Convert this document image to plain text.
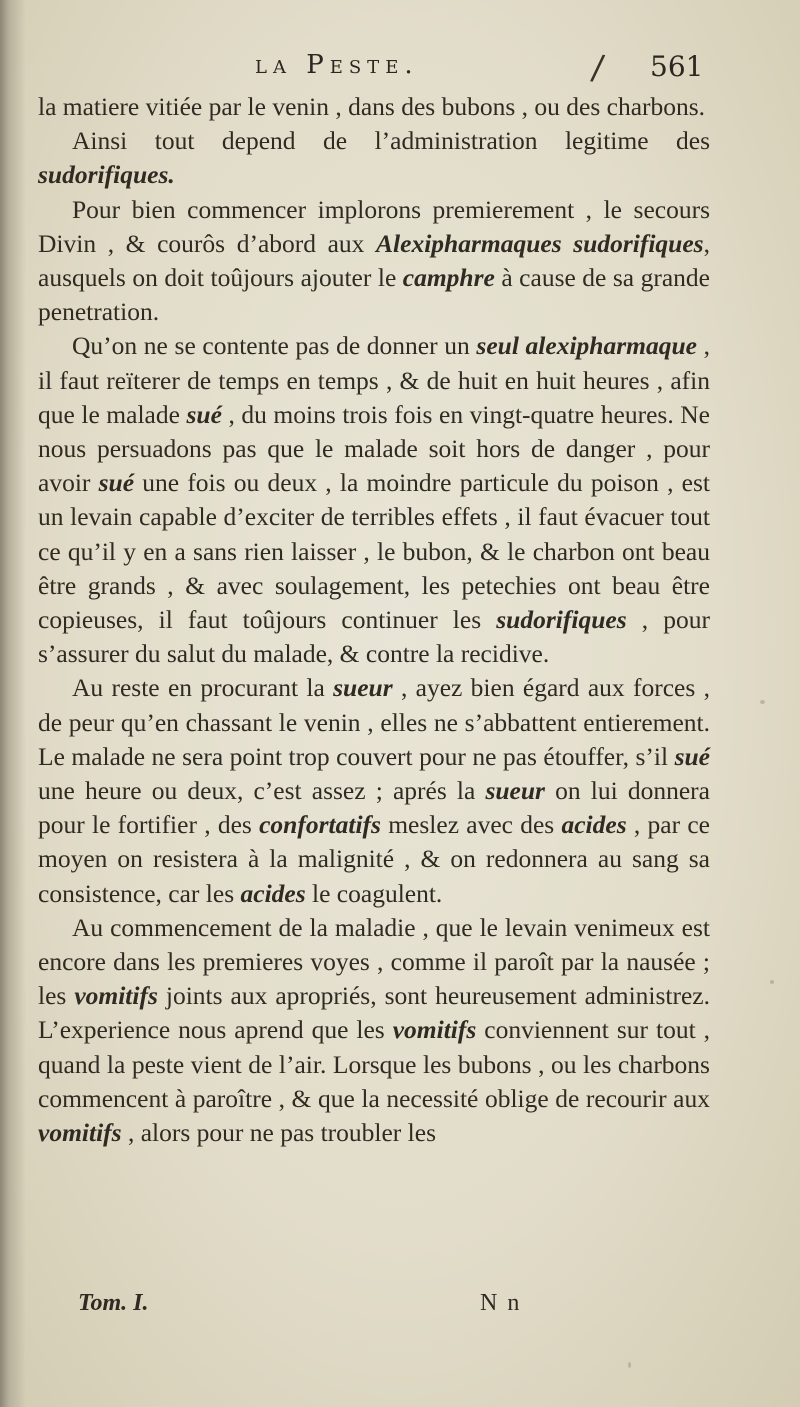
la Peste.	/ 561

la matiere vitiée par le venin , dans des bubons , ou des charbons.

Ainsi tout depend de l’administration legitime des sudorifiques.

Pour bien commencer implorons premierement , le secours Divin , & courôs d’abord aux Alexipharmaques sudorifiques, ausquels on doit toûjours ajouter le camphre à cause de sa grande penetration.

Qu’on ne se contente pas de donner un seul alexipharmaque , il faut reïterer de temps en temps , & de huit en huit heures , afin que le malade sué , du moins trois fois en vingt-quatre heures. Ne nous persuadons pas que le malade soit hors de danger , pour avoir sué une fois ou deux , la moindre particule du poison , est un levain capable d’exciter de terribles effets , il faut évacuer tout ce qu’il y en a sans rien laisser , le bubon, & le charbon ont beau être grands , & avec soulagement, les petechies ont beau être copieuses, il faut toûjours continuer les sudorifiques , pour s’assurer du salut du malade, & contre la recidive.

Au reste en procurant la sueur , ayez bien égard aux forces , de peur qu’en chassant le venin , elles ne s’abbattent entierement. Le malade ne sera point trop couvert pour ne pas étouffer, s’il sué une heure ou deux, c’est assez ; aprés la sueur on lui donnera pour le fortifier , des confortatifs meslez avec des acides , par ce moyen on resistera à la malignité , & on redonnera au sang sa consistence, car les acides le coagulent.

Au commencement de la maladie , que le levain venimeux est encore dans les premieres voyes , comme il paroît par la nausée ; les vomitifs joints aux apropriés, sont heureusement administrez. L’experience nous aprend que les vomitifs conviennent sur tout , quand la peste vient de l’air. Lorsque les bubons , ou les charbons commencent à paroître , & que la necessité oblige de recourir aux vomitifs , alors pour ne pas troubler les

Tom. I.	N n
